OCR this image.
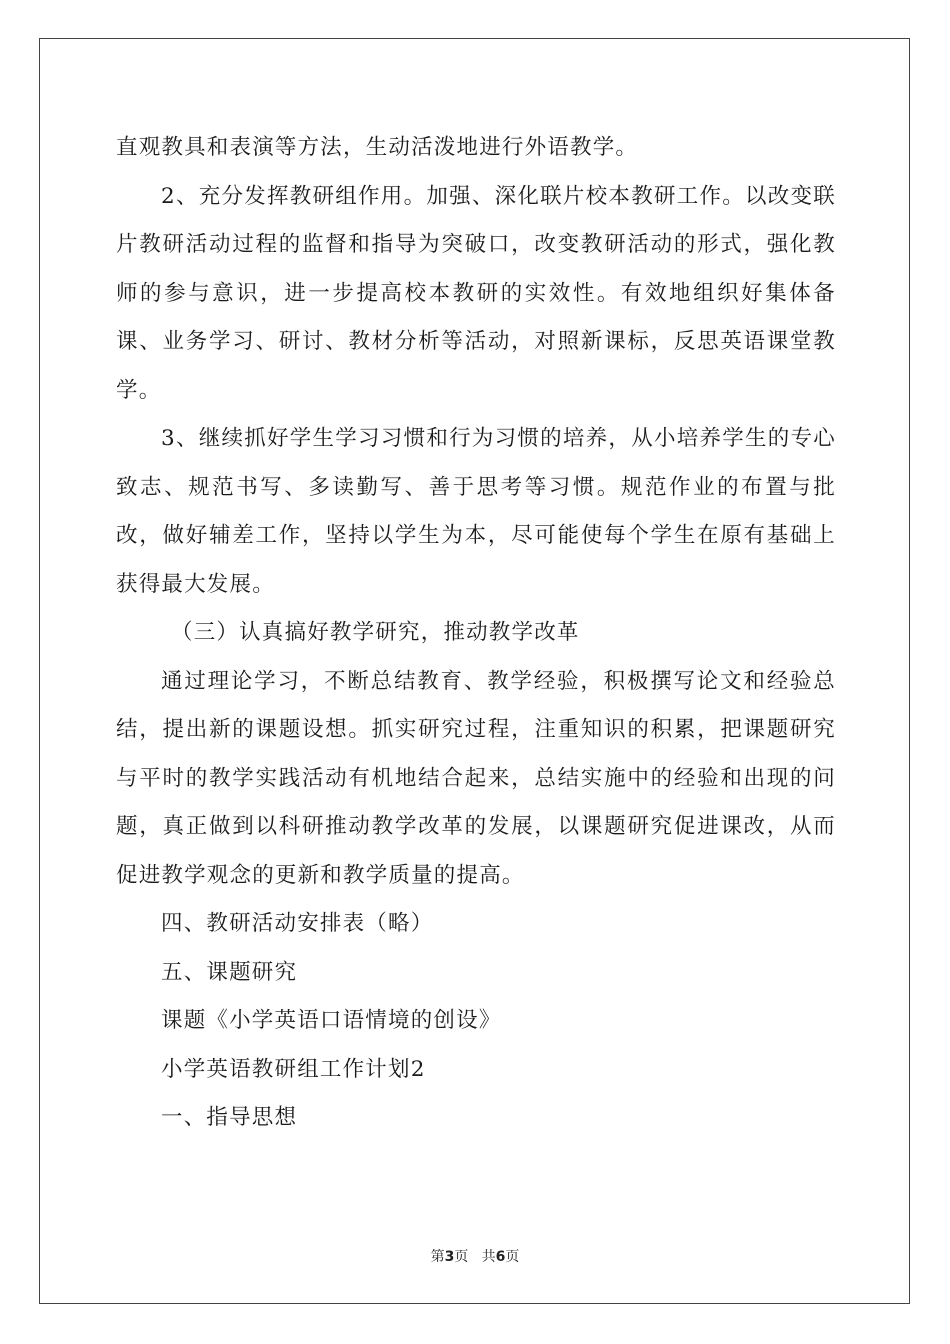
直观教具和表演等方法，生动活泼地进行外语教学。

2、充分发挥教研组作用。加强、深化联片校本教研工作。以改变联片教研活动过程的监督和指导为突破口，改变教研活动的形式，强化教师的参与意识，进一步提高校本教研的实效性。有效地组织好集体备课、业务学习、研讨、教材分析等活动，对照新课标，反思英语课堂教学。

3、继续抓好学生学习习惯和行为习惯的培养，从小培养学生的专心致志、规范书写、多读勤写、善于思考等习惯。规范作业的布置与批改，做好辅差工作，坚持以学生为本，尽可能使每个学生在原有基础上获得最大发展。

（三）认真搞好教学研究，推动教学改革

通过理论学习，不断总结教育、教学经验，积极撰写论文和经验总结，提出新的课题设想。抓实研究过程，注重知识的积累，把课题研究与平时的教学实践活动有机地结合起来，总结实施中的经验和出现的问题，真正做到以科研推动教学改革的发展，以课题研究促进课改，从而促进教学观念的更新和教学质量的提高。

四、教研活动安排表（略）

五、课题研究

课题《小学英语口语情境的创设》

小学英语教研组工作计划2

一、指导思想

第3页 共6页
